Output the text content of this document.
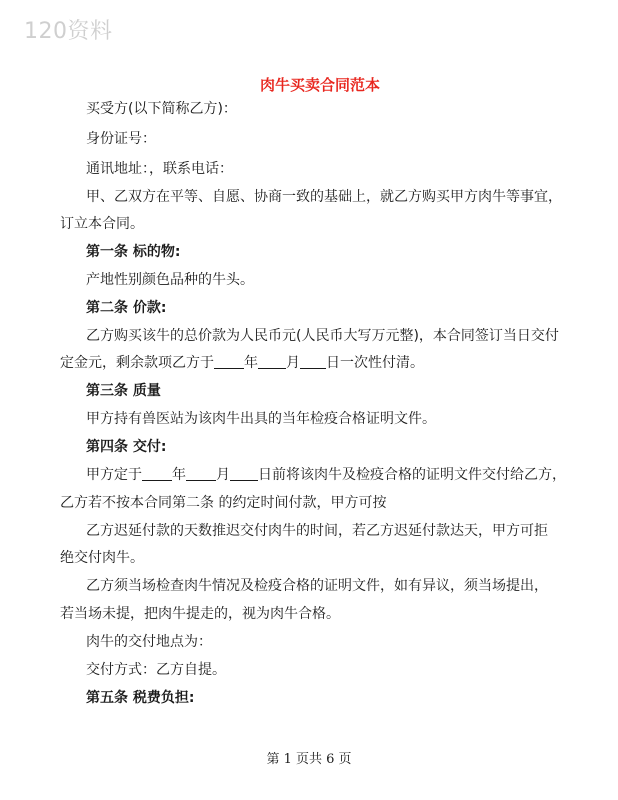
120资料
肉牛买卖合同范本
买受方(以下简称乙方)：
身份证号：
通讯地址：，联系电话：
甲、乙双方在平等、自愿、协商一致的基础上，就乙方购买甲方肉牛等事宜，
订立本合同。
第一条 标的物:
产地性别颜色品种的牛头。
第二条 价款:
乙方购买该牛的总价款为人民币元(人民币大写万元整)，本合同签订当日交付
定金元，剩余款项乙方于 年 月 日一次性付清。
第三条 质量
甲方持有兽医站为该肉牛出具的当年检疫合格证明文件。
第四条 交付:
甲方定于 年 月 日前将该肉牛及检疫合格的证明文件交付给乙方，
乙方若不按本合同第二条 的约定时间付款，甲方可按
乙方迟延付款的天数推迟交付肉牛的时间，若乙方迟延付款达天，甲方可拒
绝交付肉牛。
乙方须当场检查肉牛情况及检疫合格的证明文件，如有异议，须当场提出，
若当场未提，把肉牛提走的，视为肉牛合格。
肉牛的交付地点为：
交付方式：乙方自提。
第五条 税费负担:
第 1 页共 6 页
